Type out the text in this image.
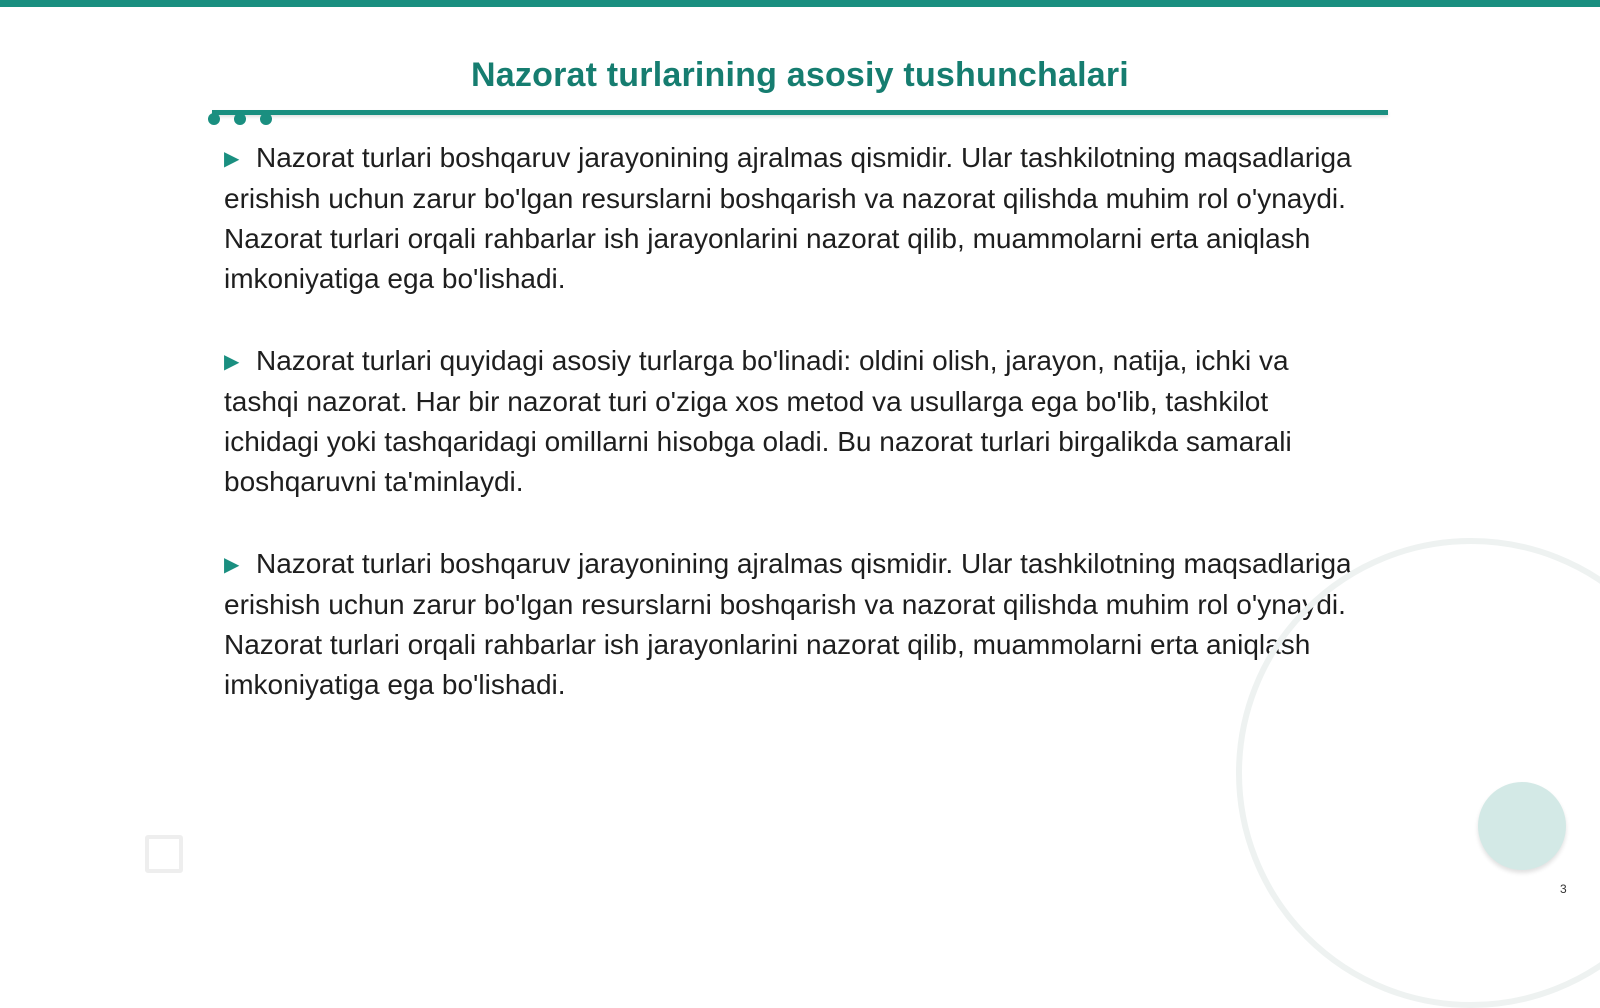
Nazorat turlarining asosiy tushunchalari

▶ Nazorat turlari boshqaruv jarayonining ajralmas qismidir. Ular tashkilotning maqsadlariga erishish uchun zarur bo'lgan resurslarni boshqarish va nazorat qilishda muhim rol o'ynaydi. Nazorat turlari orqali rahbarlar ish jarayonlarini nazorat qilib, muammolarni erta aniqlash imkoniyatiga ega bo'lishadi.

▶ Nazorat turlari quyidagi asosiy turlarga bo'linadi: oldini olish, jarayon, natija, ichki va tashqi nazorat. Har bir nazorat turi o'ziga xos metod va usullarga ega bo'lib, tashkilot ichidagi yoki tashqaridagi omillarni hisobga oladi. Bu nazorat turlari birgalikda samarali boshqaruvni ta'minlaydi.

▶ Nazorat turlari boshqaruv jarayonining ajralmas qismidir. Ular tashkilotning maqsadlariga erishish uchun zarur bo'lgan resurslarni boshqarish va nazorat qilishda muhim rol o'ynaydi. Nazorat turlari orqali rahbarlar ish jarayonlarini nazorat qilib, muammolarni erta aniqlash imkoniyatiga ega bo'lishadi.

3
